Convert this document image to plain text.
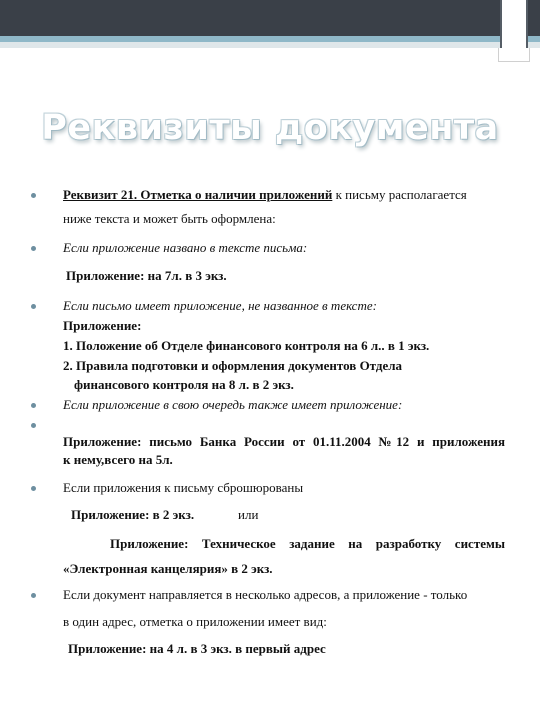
Реквизиты документа
Реквизит 21. Отметка о наличии приложений к письму располагается
ниже текста и может быть оформлена:
Если приложение названо в тексте письма:
Приложение: на 7л. в 3 экз.
Если письмо имеет приложение, не названное в тексте:
Приложение:
1. Положение об Отделе финансового контроля на 6 л.. в 1 экз.
2. Правила подготовки и оформления документов Отдела
финансового контроля на 8 л. в 2 экз.
Если приложение в свою очередь также имеет приложение:
Приложение: письмо Банка России от 01.11.2004 №12 и приложения
к нему,всего на 5л.
Если приложения к письму сброшюрованы
Приложение: в 2 экз.	или
Приложение: Техническое задание на разработку системы
«Электронная канцелярия» в 2 экз.
Если документ направляется в несколько адресов, а приложение - только
в один адрес, отметка о приложении имеет вид:
Приложение: на 4 л. в 3 экз. в первый адрес
